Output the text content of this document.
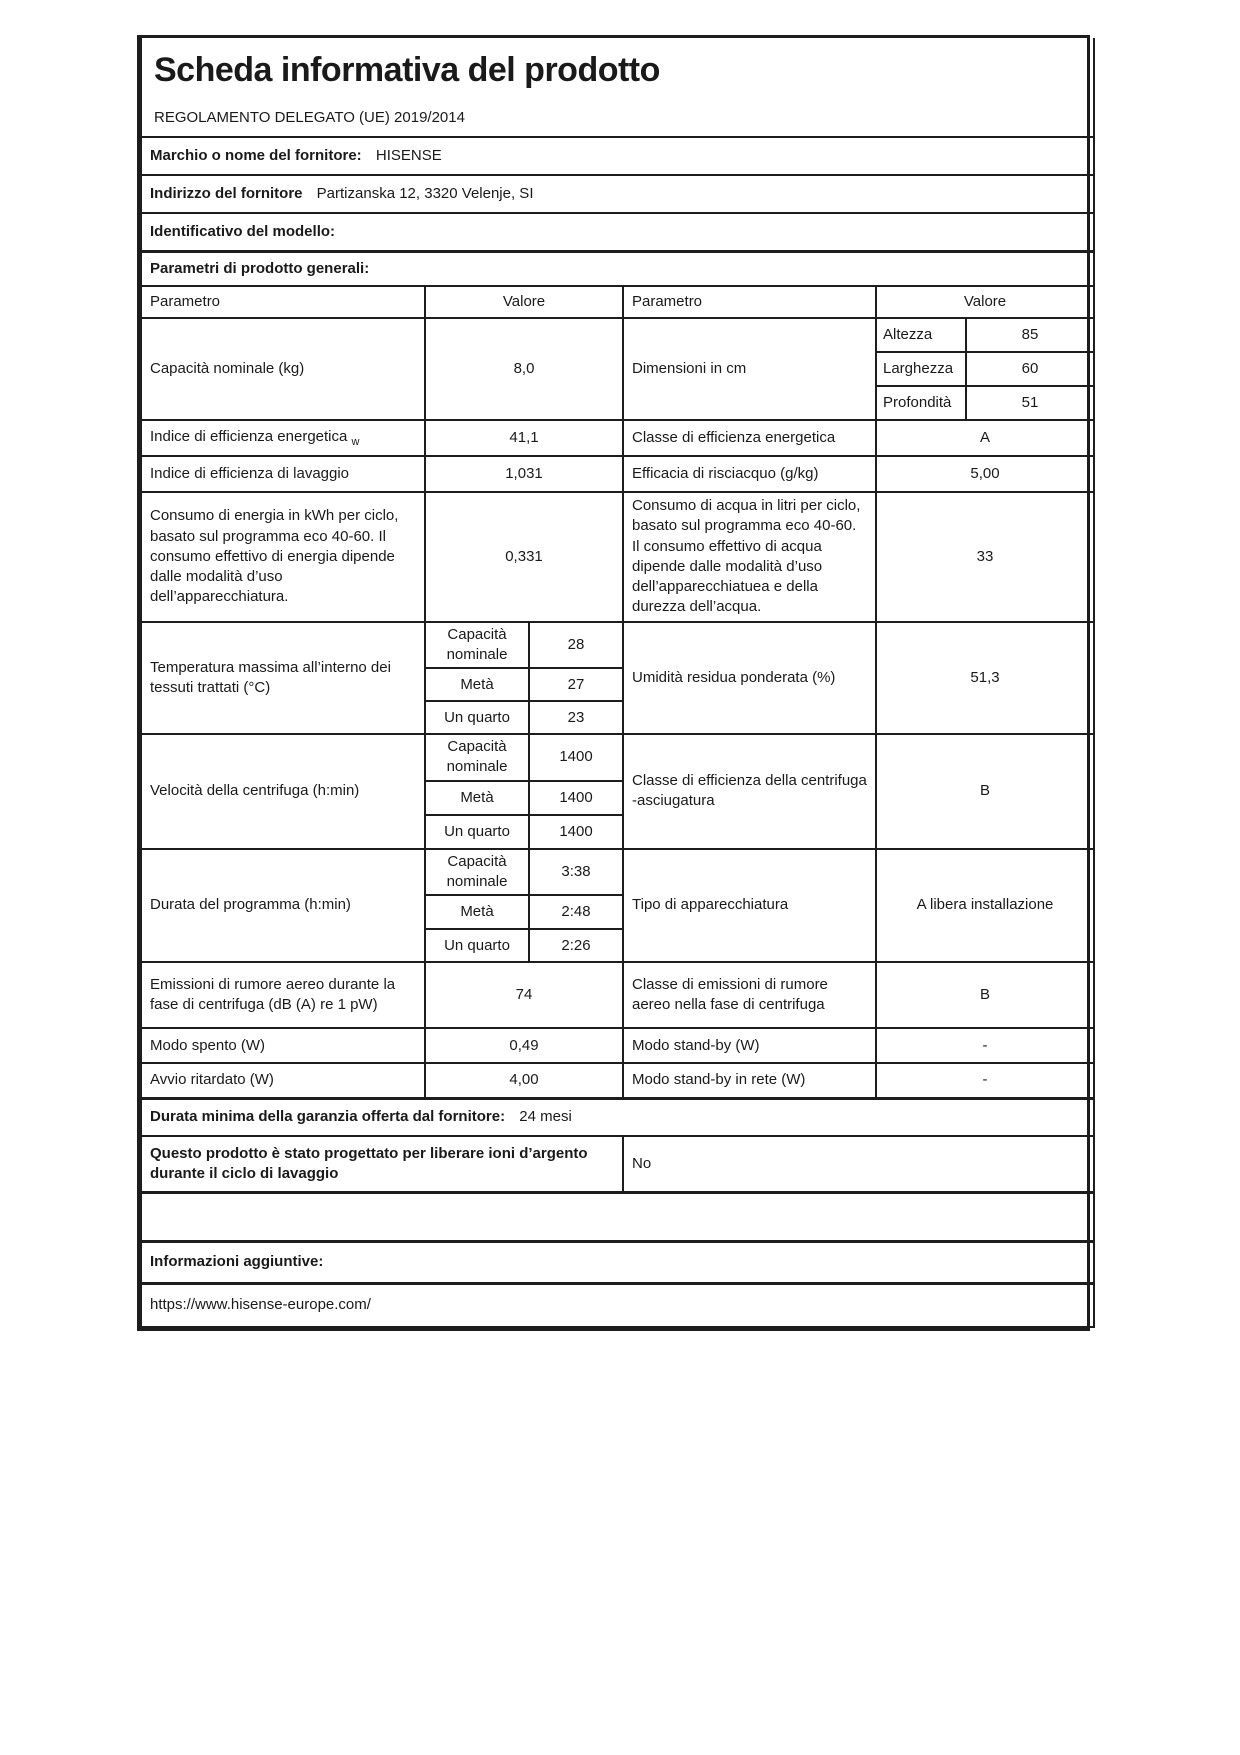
Scheda informativa del prodotto
REGOLAMENTO DELEGATO (UE) 2019/2014					

Marchio o nome del fornitore: HISENSE					
Indirizzo del fornitore Partizanska 12, 3320 Velenje, SI					
Identificativo del modello:					
Parametri di prodotto generali:					
Parametro	Valore		Parametro	Valore	
Capacità nominale (kg)	8,0		Dimensioni in cm	Altezza	85
				Larghezza	60
				Profondità	51
Indice di efficienza energetica $_w$	41,1		Classe di efficienza energetica	A	
Indice di efficienza di lavaggio	1,031		Efficacia di risciacquo (g/kg)	5,00	
Consumo di energia in kWh per ciclo, basato sul programma eco 40-60. Il consumo effettivo di energia dipende dalle modalità d’uso dell’apparecchiatura.	0,331		Consumo di acqua in litri per ciclo, basato sul programma eco 40-60. Il consumo effettivo di acqua dipende dalle modalità d’uso dell’apparecchiatuea e della durezza dell’acqua.	33	
Temperatura massima all’interno dei tessuti trattati (°C)	Capacità nominale	28	Umidità residua ponderata (%)	51,3	
	Metà	27			
	Un quarto	23			
Velocità della centrifuga (h:min)	Capacità nominale	1400	Classe di efficienza della centrifuga -asciugatura	B	
	Metà	1400			
	Un quarto	1400			
Durata del programma (h:min)	Capacità nominale	3:38	Tipo di apparecchiatura	A libera installazione	
	Metà	2:48			
	Un quarto	2:26			
Emissioni di rumore aereo durante la fase di centrifuga (dB (A) re 1 pW)	74		Classe di emissioni di rumore aereo nella fase di centrifuga	B	
Modo spento (W)	0,49		Modo stand-by (W)	-	
Avvio ritardato (W)	4,00		Modo stand-by in rete (W)	-	
Durata minima della garanzia offerta dal fornitore: 24 mesi					
Questo prodotto è stato progettato per liberare ioni d’argento durante il ciclo di lavaggio			No		

Informazioni aggiuntive:					
https://www.hisense-europe.com/					
